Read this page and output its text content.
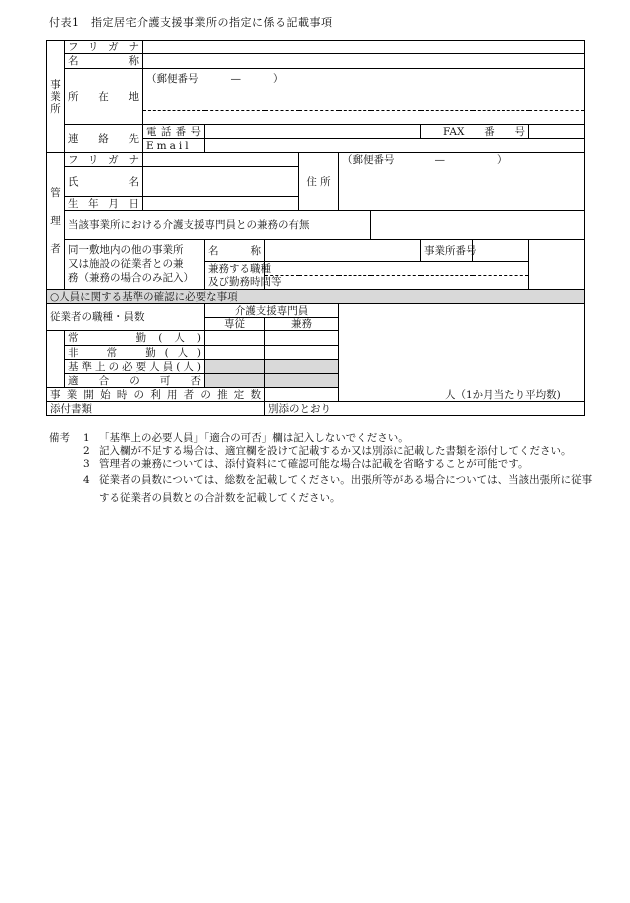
付表1　指定居宅介護支援事業所の指定に係る記載事項
事
業
所	フリガナ									
	名　称									
	所　在　地	（郵便番号 — ）								

	連　絡　先	電話番号						FAX番号		
		Email								

管
理
者	フリガナ				住 所	（郵便番号 — ）				
	氏　名									
	生年月日									
	当該事業所における介護支援専門員との兼務の有無									

	同一敷地内の他の事業所
又は施設の従業者との兼
務（兼務の場合のみ記入）		名　称					事業所番号		
			兼務する職種							
			及び勤務時間等							
○人員に関する基準の確認に必要な事項										
従業者の職種・員数			介護支援専門員							
			専従	兼務						
	常　　勤(人)									
	非　常　勤(人)									
	基準上の必要人員(人)									
	適　合　の　可　否									
事業開始時の利用者の推定数				人（1か月当たり平均数)						
添付書類				別添のとおり						
備考	1 「基準上の必要人員」「適合の可否」欄は記入しないでください。
2 記入欄が不足する場合は、適宜欄を設けて記載するか又は別添に記載した書類を添付してください。
3 管理者の兼務については、添付資料にて確認可能な場合は記載を省略することが可能です。
4 従業者の員数については、総数を記載してください。出張所等がある場合については、当該出張所に従事する従業者の員数との合計数を記載してください。
